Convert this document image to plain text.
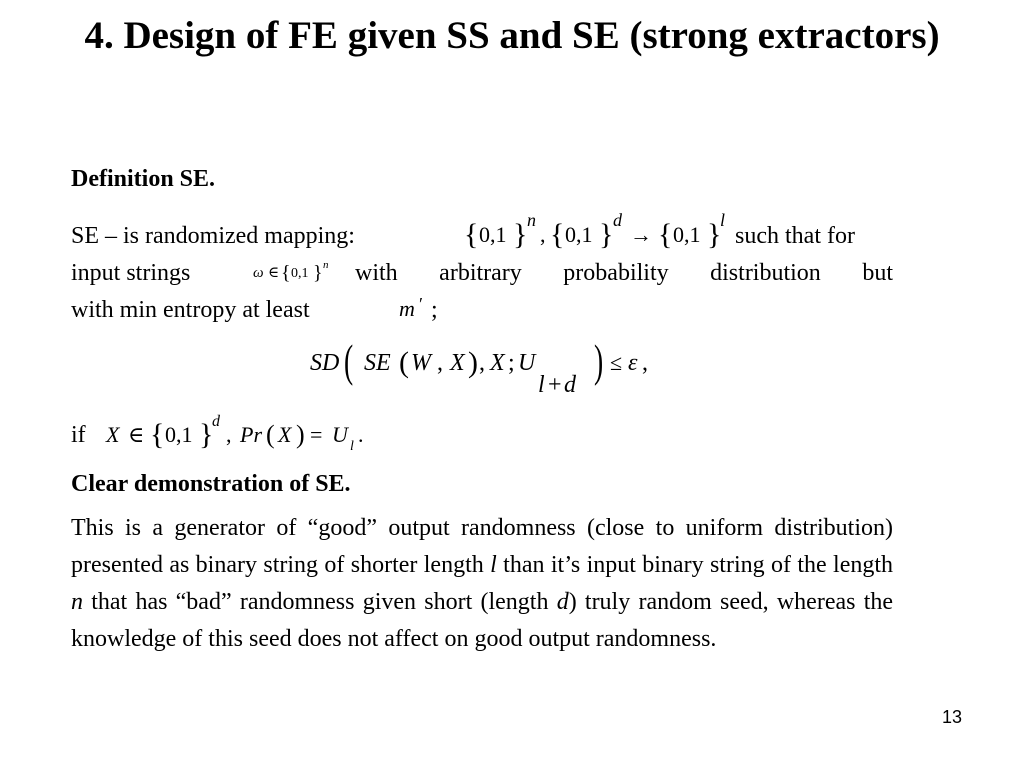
4. Design of FE given SS and SE (strong extractors)
Definition SE.
SE – is randomized mapping:	{ 0,1 } n
, { 0,1 } d
→ { 0,1 }
l
such that for
input strings	ω ∈ { 0,1 } n with arbitrary probability distribution but
with min entropy at least	m ′ ;
SD ( SE ( W , X ) , X ; U
l + d ) ≤ ε ,
if X ∈ { 0,1 }
d
, Pr ( X ) = U l .
Clear demonstration of SE.
This is a generator of “good” output randomness (close to uniform distribution) presented as binary string of shorter length l than it’s input binary string of the length n that has “bad” randomness given short (length d) truly random seed, whereas the knowledge of this seed does not affect on good output randomness.
13
